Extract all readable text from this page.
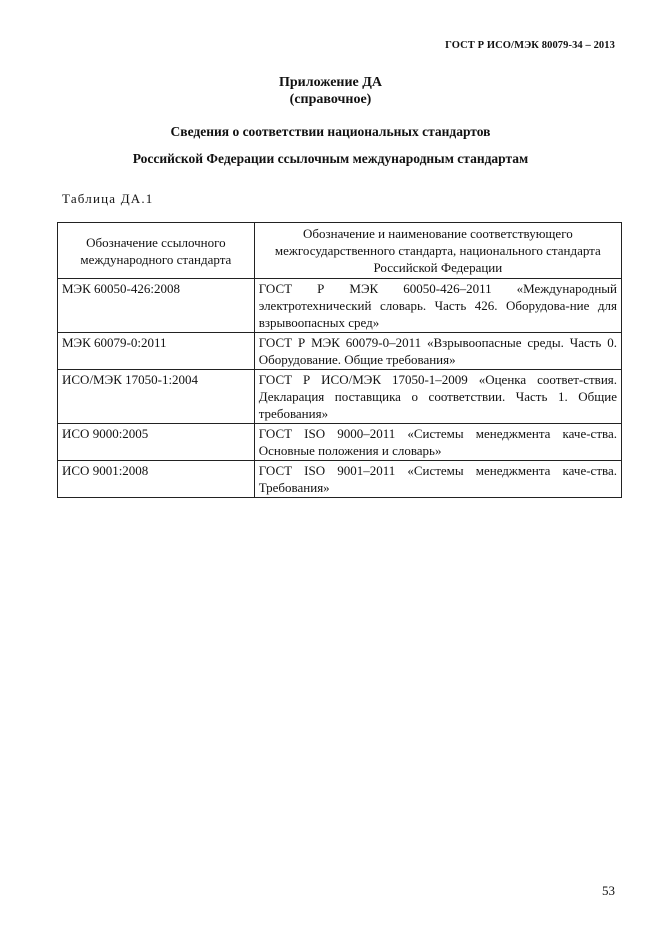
ГОСТ Р ИСО/МЭК 80079-34 – 2013
Приложение ДА
(справочное)
Сведения о соответствии национальных стандартов
Российской Федерации ссылочным международным стандартам
Таблица ДА.1
Обозначение ссылочного международного стандарта	Обозначение и наименование соответствующего межгосударственного стандарта, национального стандарта Российской Федерации
МЭК 60050-426:2008	ГОСТ Р МЭК 60050-426–2011 «Международный электротехнический словарь. Часть 426. Оборудова-ние для взрывоопасных сред»
МЭК 60079-0:2011	ГОСТ Р МЭК 60079-0–2011 «Взрывоопасные среды. Часть 0. Оборудование. Общие требования»
ИСО/МЭК 17050-1:2004	ГОСТ Р ИСО/МЭК 17050-1–2009 «Оценка соответ-ствия. Декларация поставщика о соответствии. Часть 1. Общие требования»
ИСО 9000:2005	ГОСТ ISO 9000–2011 «Системы менеджмента каче-ства. Основные положения и словарь»
ИСО 9001:2008	ГОСТ ISO 9001–2011 «Системы менеджмента каче-ства. Требования»
53
